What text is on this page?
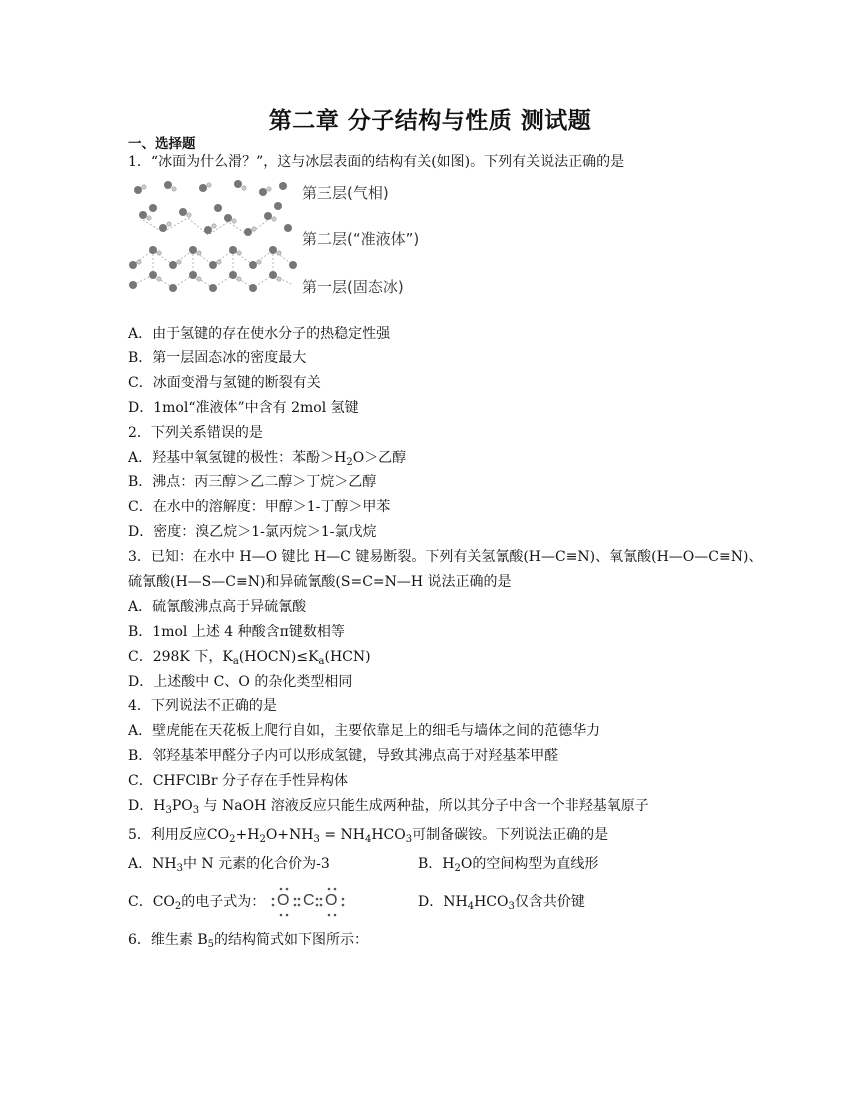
第二章 分子结构与性质 测试题
一、选择题
1．“冰面为什么滑？”，这与冰层表面的结构有关(如图)。下列有关说法正确的是
第三层(气相)
第二层(“准液体”)
第一层(固态冰)
A．由于氢键的存在使水分子的热稳定性强
B．第一层固态冰的密度最大
C．冰面变滑与氢键的断裂有关
D．1mol“准液体”中含有 2mol 氢键
2．下列关系错误的是
A．羟基中氧氢键的极性：苯酚$>H_2O>$乙醇
B．沸点：丙三醇＞乙二醇＞丁烷＞乙醇
C．在水中的溶解度：甲醇＞1-丁醇＞甲苯
D．密度：溴乙烷＞1-氯丙烷＞1-氯戊烷
3．已知：在水中 H—O 键比 H—C 键易断裂。下列有关氢氰酸(H—C≡N)、氧氰酸(H—O—C≡N)、
硫氰酸(H—S—C≡N)和异硫氰酸(S=C=N—H 说法正确的是
A．硫氰酸沸点高于异硫氰酸
B．1mol 上述 4 种酸含π键数相等
C．298K 下，$K_a(HOCN)\le K_a(HCN)$
D．上述酸中 C、O 的杂化类型相同
4．下列说法不正确的是
A．壁虎能在天花板上爬行自如，主要依靠足上的细毛与墙体之间的范德华力
B．邻羟基苯甲醛分子内可以形成氢键，导致其沸点高于对羟基苯甲醛
C．CHFClBr 分子存在手性异构体
D．$H_3PO_3$ 与 NaOH 溶液反应只能生成两种盐，所以其分子中含一个非羟基氧原子
5．利用反应$CO_2+H_2O+NH_3 = NH_4HCO_3$可制备碳铵。下列说法正确的是
A．$NH_3$中 N 元素的化合价为-3	B．$H_2O$的空间构型为直线形
C．$CO_2$的电子式为： O C O	D．$NH_4HCO_3$仅含共价键
6．维生素 $B_5$的结构简式如下图所示：
